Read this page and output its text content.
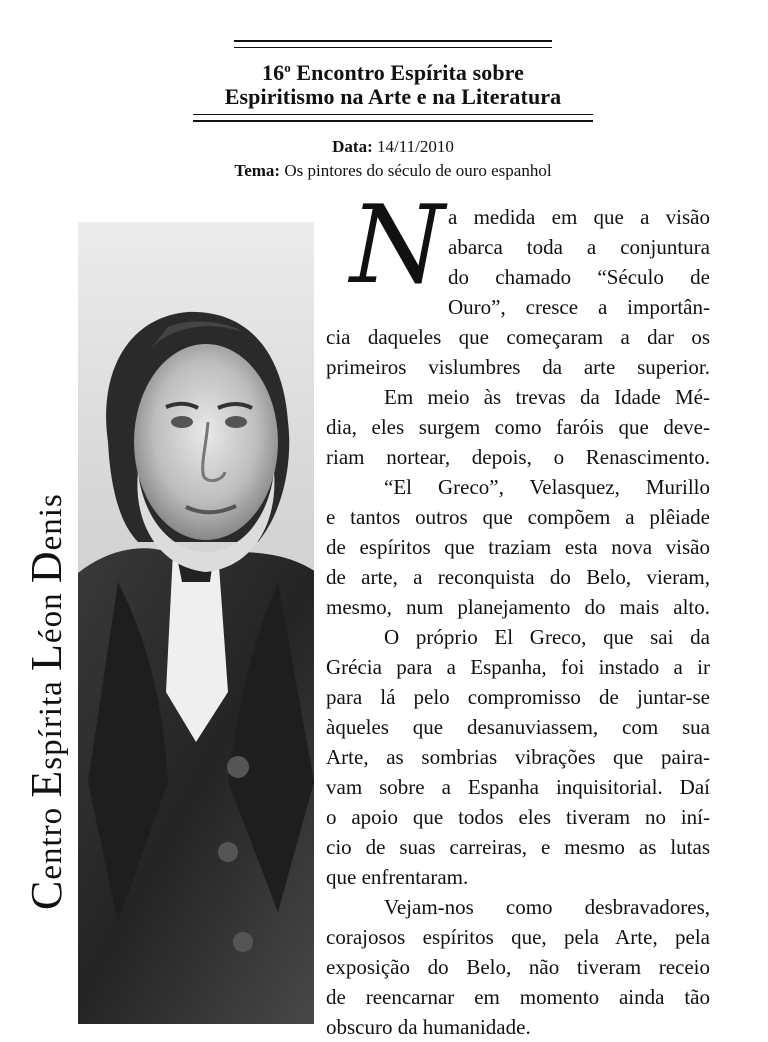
16$^o$ Encontro Espírita sobre
Espiritismo na Arte e na Literatura
Data: 14/11/2010
Tema: Os pintores do século de ouro espanhol
Centro Espírita Léon Denis
N a medida em que a visão
abarca toda a conjuntura
do chamado “Século de
Ouro”, cresce a importân-
cia daqueles que começaram a dar os
primeiros vislumbres da arte superior.
Em meio às trevas da Idade Mé-
dia, eles surgem como faróis que deve-
riam nortear, depois, o Renascimento.
“El Greco”, Velasquez, Murillo
e tantos outros que compõem a plêiade
de espíritos que traziam esta nova visão
de arte, a reconquista do Belo, vieram,
mesmo, num planejamento do mais alto.
O próprio El Greco, que sai da
Grécia para a Espanha, foi instado a ir
para lá pelo compromisso de juntar-se
àqueles que desanuviassem, com sua
Arte, as sombrias vibrações que paira-
vam sobre a Espanha inquisitorial. Daí
o apoio que todos eles tiveram no iní-
cio de suas carreiras, e mesmo as lutas
que enfrentaram.
Vejam-nos como desbravadores,
corajosos espíritos que, pela Arte, pela
exposição do Belo, não tiveram receio
de reencarnar em momento ainda tão
obscuro da humanidade.
